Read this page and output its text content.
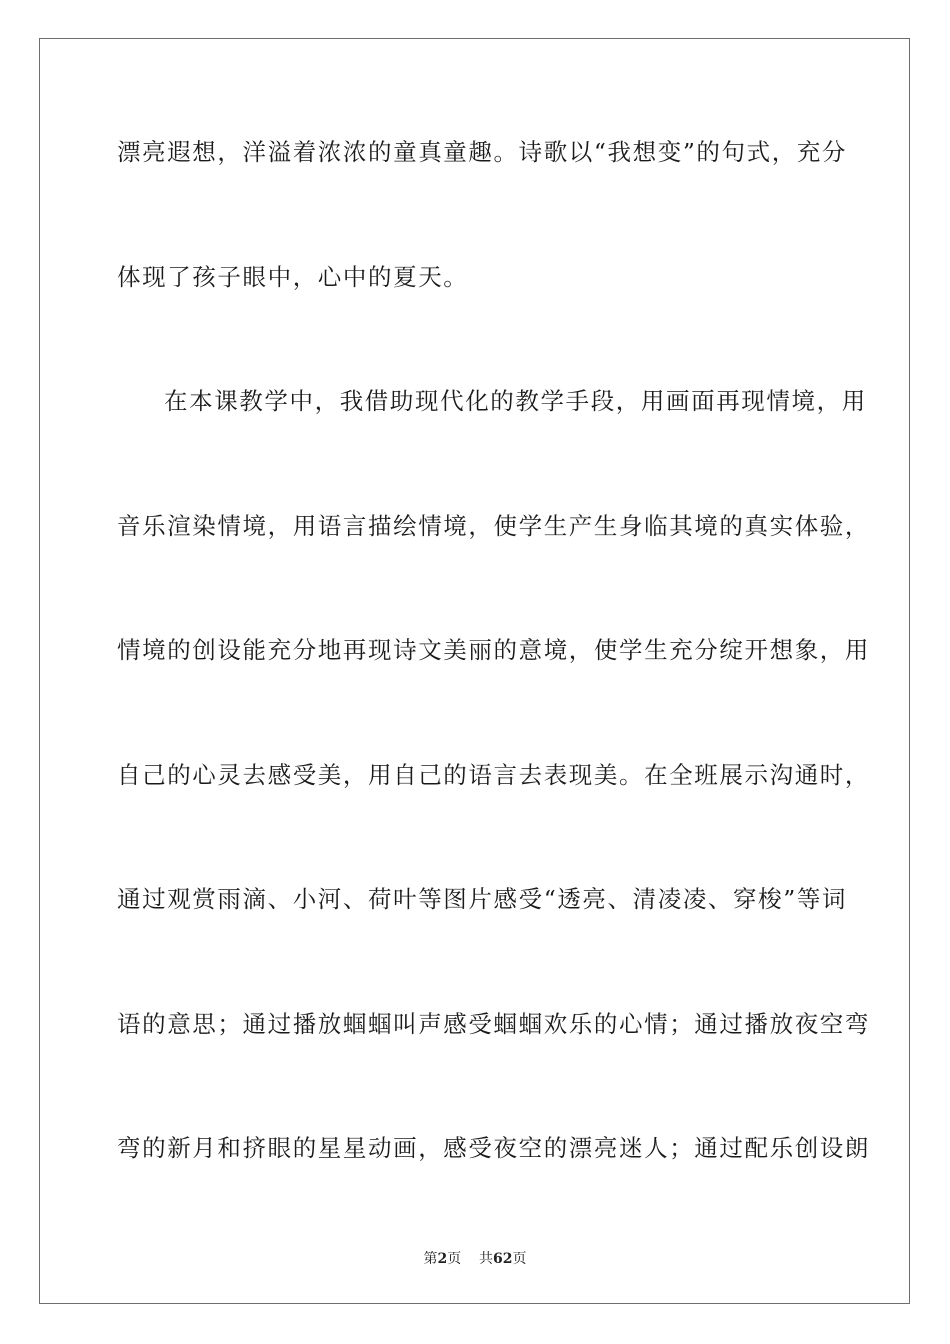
漂亮遐想，洋溢着浓浓的童真童趣。诗歌以“我想变”的句式，充分
体现了孩子眼中，心中的夏天。
在本课教学中，我借助现代化的教学手段，用画面再现情境，用
音乐渲染情境，用语言描绘情境，使学生产生身临其境的真实体验，
情境的创设能充分地再现诗文美丽的意境，使学生充分绽开想象，用
自己的心灵去感受美，用自己的语言去表现美。在全班展示沟通时，
通过观赏雨滴、小河、荷叶等图片感受“透亮、清凌凌、穿梭”等词
语的意思；通过播放蝈蝈叫声感受蝈蝈欢乐的心情；通过播放夜空弯
弯的新月和挤眼的星星动画，感受夜空的漂亮迷人；通过配乐创设朗
第2页 共62页
